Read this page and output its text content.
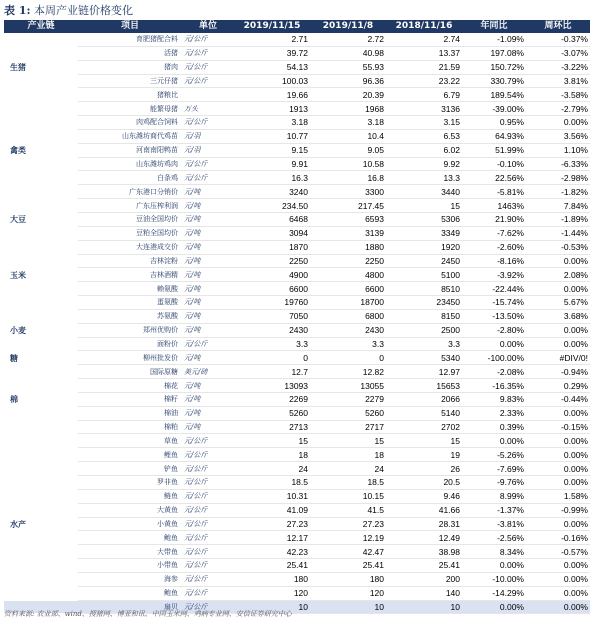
表 1: 本周产业链价格变化
产业链	项目	单位	2019/11/15	2019/11/8	2018/11/16	年同比	周环比
	育肥猪配合料	元/公斤	2.71	2.72	2.74	-1.09%	-0.37%
	活猪	元/公斤	39.72	40.98	13.37	197.08%	-3.07%
生猪	猪肉	元/公斤	54.13	55.93	21.59	150.72%	-3.22%
	三元仔猪	元/公斤	100.03	96.36	23.22	330.79%	3.81%
	猪粮比		19.66	20.39	6.79	189.54%	-3.58%
	能繁母猪	万头	1913	1968	3136	-39.00%	-2.79%
	肉鸡配合饲料	元/公斤	3.18	3.18	3.15	0.95%	0.00%
	山东潍坊商代鸡苗	元/羽	10.77	10.4	6.53	64.93%	3.56%
禽类	河南南阳鸭苗	元/羽	9.15	9.05	6.02	51.99%	1.10%
	山东潍坊鸡肉	元/公斤	9.91	10.58	9.92	-0.10%	-6.33%
	白条鸡	元/公斤	16.3	16.8	13.3	22.56%	-2.98%
	广东港口分销价	元/吨	3240	3300	3440	-5.81%	-1.82%
	广东压榨利润	元/吨	234.50	217.45	15	1463%	7.84%
大豆	豆油全国均价	元/吨	6468	6593	5306	21.90%	-1.89%
	豆粕全国均价	元/吨	3094	3139	3349	-7.62%	-1.44%
	大连港成交价	元/吨	1870	1880	1920	-2.60%	-0.53%
	吉林淀粉	元/吨	2250	2250	2450	-8.16%	0.00%
玉米	吉林酒精	元/吨	4900	4800	5100	-3.92%	2.08%
	赖氨酸	元/吨	6600	6600	8510	-22.44%	0.00%
	蛋氨酸	元/吨	19760	18700	23450	-15.74%	5.67%
	苏氨酸	元/吨	7050	6800	8150	-13.50%	3.68%
小麦	郑州优购价	元/吨	2430	2430	2500	-2.80%	0.00%
	面粉价	元/公斤	3.3	3.3	3.3	0.00%	0.00%
糖	柳州批发价	元/吨	0	0	5340	-100.00%	#DIV/0!
	国际原糖	美元/磅	12.7	12.82	12.97	-2.08%	-0.94%
	棉花	元/吨	13093	13055	15653	-16.35%	0.29%
棉	棉籽	元/吨	2269	2279	2066	9.83%	-0.44%
	棉油	元/吨	5260	5260	5140	2.33%	0.00%
	棉粕	元/吨	2713	2717	2702	0.39%	-0.15%
	草鱼	元/公斤	15	15	15	0.00%	0.00%
	鲤鱼	元/公斤	18	18	19	-5.26%	0.00%
	铲鱼	元/公斤	24	24	26	-7.69%	0.00%
	罗非鱼	元/公斤	18.5	18.5	20.5	-9.76%	0.00%
	鲢鱼	元/公斤	10.31	10.15	9.46	8.99%	1.58%
	大黄鱼	元/公斤	41.09	41.5	41.66	-1.37%	-0.99%
水产	小黄鱼	元/公斤	27.23	27.23	28.31	-3.81%	0.00%
	鲍鱼	元/公斤	12.17	12.19	12.49	-2.56%	-0.16%
	大带鱼	元/公斤	42.23	42.47	38.98	8.34%	-0.57%
	小带鱼	元/公斤	25.41	25.41	25.41	0.00%	0.00%
	海参	元/公斤	180	180	200	-10.00%	0.00%
	鲍鱼	元/公斤	120	120	140	-14.29%	0.00%
	扇贝	元/公斤	10	10	10	0.00%	0.00%
资料来源: 农业部、wind、搜猪网、博亚和讯、中国玉米网、鸡病专业网、安信证券研究中心
